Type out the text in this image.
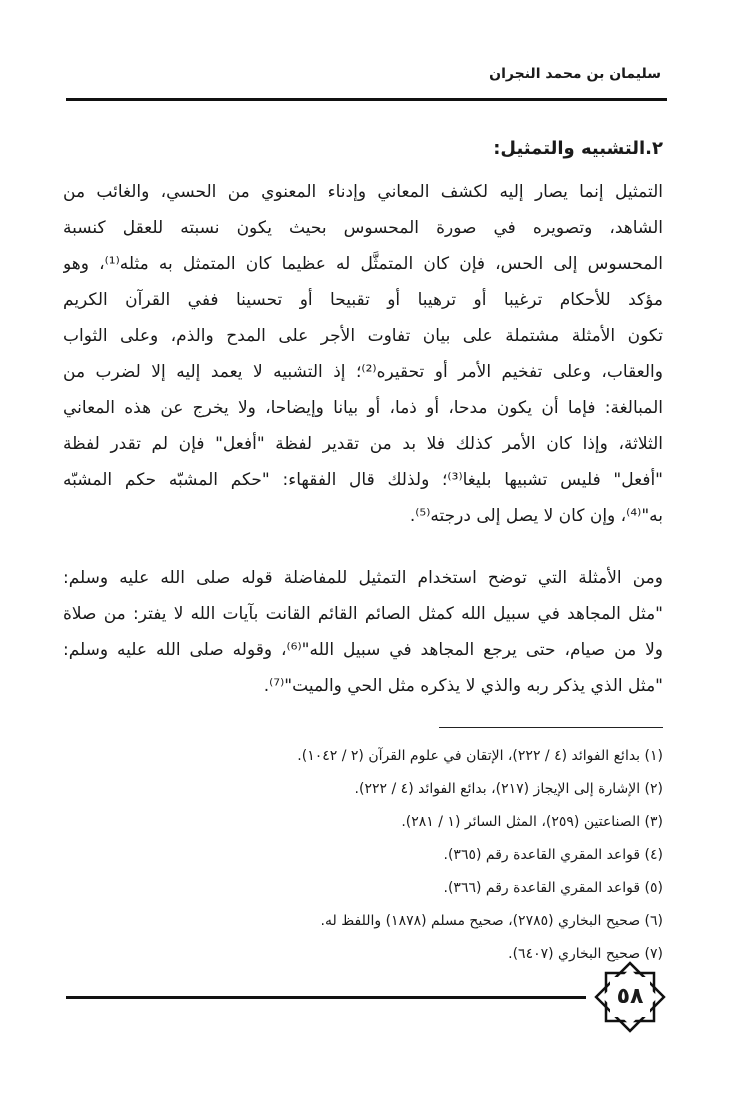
سليمان بن محمد النجران
٢.التشبيه والتمثيل:
التمثيل إنما يصار إليه لكشف المعاني وإدناء المعنوي من الحسي، والغائب من
الشاهد، وتصويره في صورة المحسوس بحيث يكون نسبته للعقل كنسبة
المحسوس إلى الحس، فإن كان المتمثَّل له عظيما كان المتمثل به مثله⁽¹⁾، وهو
مؤكد للأحكام ترغيبا أو ترهيبا أو تقبيحا أو تحسينا ففي القرآن الكريم
تكون الأمثلة مشتملة على بيان تفاوت الأجر على المدح والذم، وعلى الثواب
والعقاب، وعلى تفخيم الأمر أو تحقيره⁽²⁾؛ إذ التشبيه لا يعمد إليه إلا لضرب من
المبالغة: فإما أن يكون مدحا، أو ذما، أو بيانا وإيضاحا، ولا يخرج عن هذه المعاني
الثلاثة، وإذا كان الأمر كذلك فلا بد من تقدير لفظة "أفعل" فإن لم تقدر لفظة
"أفعل" فليس تشبيها بليغا⁽³⁾؛ ولذلك قال الفقهاء: "حكم المشبّه حكم المشبّه
به"⁽⁴⁾، وإن كان لا يصل إلى درجته⁽⁵⁾.
ومن الأمثلة التي توضح استخدام التمثيل للمفاضلة قوله صلى الله عليه وسلم:
"مثل المجاهد في سبيل الله كمثل الصائم القائم القانت بآيات الله لا يفتر: من صلاة
ولا من صيام، حتى يرجع المجاهد في سبيل الله"⁽⁶⁾، وقوله صلى الله عليه وسلم:
"مثل الذي يذكر ربه والذي لا يذكره مثل الحي والميت"⁽⁷⁾.
(١) بدائع الفوائد (٤ / ٢٢٢)، الإتقان في علوم القرآن (٢ / ١٠٤٢).
(٢) الإشارة إلى الإيجاز (٢١٧)، بدائع الفوائد (٤ / ٢٢٢).
(٣) الصناعتين (٢٥٩)، المثل السائر (١ / ٢٨١).
(٤) قواعد المقري القاعدة رقم (٣٦٥).
(٥) قواعد المقري القاعدة رقم (٣٦٦).
(٦) صحيح البخاري (٢٧٨٥)، صحيح مسلم (١٨٧٨) واللفظ له.
(٧) صحيح البخاري (٦٤٠٧).
٥٨
